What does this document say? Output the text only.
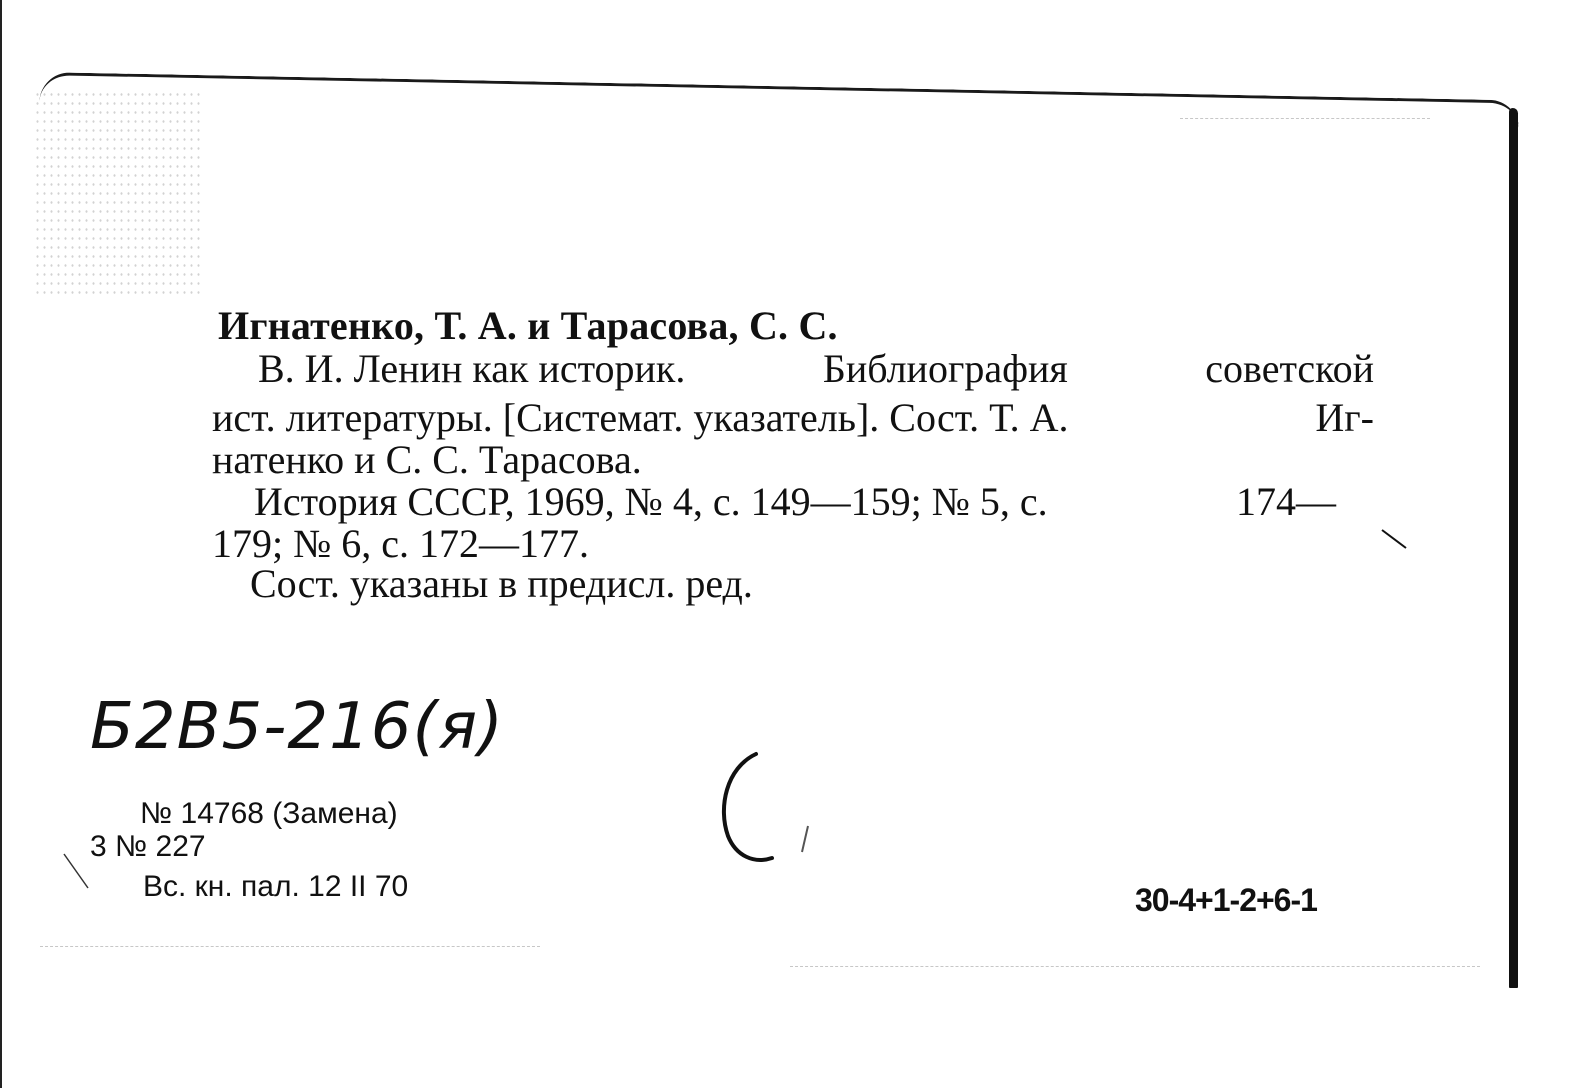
Игнатенко, Т. А. и Тарасова, С. С.
В. И. Ленин как историк.	Библиография	советской
ист. литературы. [Системат. указатель]. Сост. Т. А.	Иг-
натенко и С. С. Тарасова.
История СССР, 1969, № 4, с. 149—159; № 5, с.	174—
179; № 6, с. 172—177.
Сост. указаны в предисл. ред.
Б2В5-216(я)
№ 14768 (Замена)
3 № 227
Вс. кн. пал. 12 II 70	30-4+1-2+6-1
